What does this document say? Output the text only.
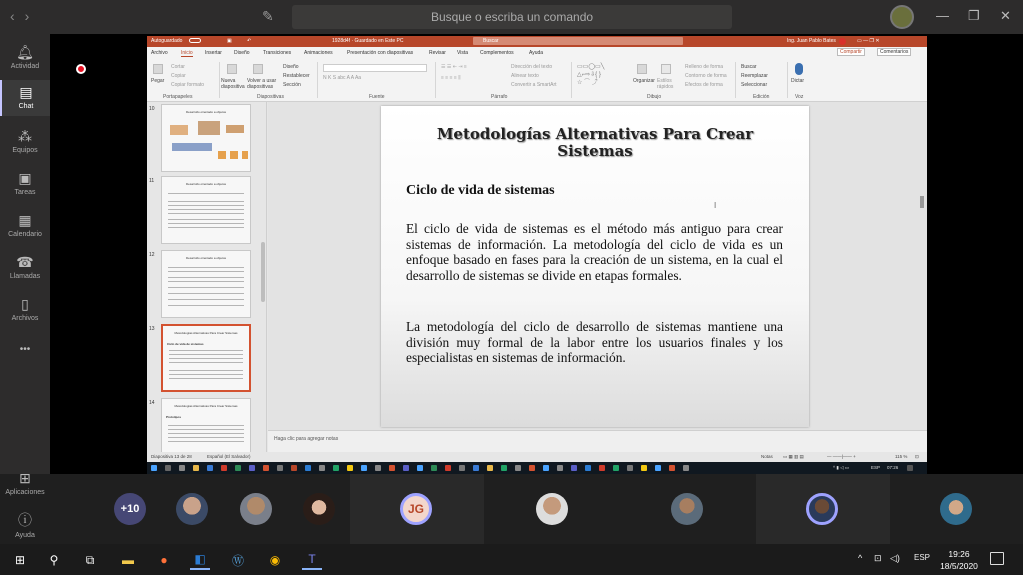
‹›	✎	Busque o escriba un comando	— ❐ ✕
🔔︎
Actividad
▤
Chat
⁂
Equipos
▣
Tareas
▦
Calendario
☎
Llamadas
▯
Archivos
•••
Autoguardado	▣	↶	1928d4f · Guardado en Este PC	Buscar	Ing. Juan Pablo Bates	▭ — ❐ ✕
Archivo	Inicio Insertar Diseño	Transiciones	Animaciones	Presentación con diapositivas	Revisar Vista Complementos	Ayuda	Compartir	Comentarios
Pegar
Cortar
Copiar
Copiar formato
Portapapeles
Nueva diapositiva
Volver a usar diapositivas
Diseño
Restablecer
Sección
Diapositivas
N K S abc A A Aa
Fuente
☰ ☰ ⇤ ⇥ ≡
≡ ≡ ≡ ≡ ⫼
Dirección del texto
Alinear texto
Convertir a SmartArt
Párrafo
▭▭◯▭╲
△⌐⇨⇩{ }
☆ ⌒ ⤴	Organizar Estilos rápidos
Relleno de forma
Contorno de forma
Efectos de forma
Dibujo
Buscar
Reemplazar
Seleccionar
Edición
Dictar
Voz
10	Desarrollo orientado a objetos
11	Desarrollo orientado a objetos
12	Desarrollo orientado a objetos
13
Metodologías Alternativas Para Crear Sistemas
Ciclo de vida de sistemas
14	Metodologías Alternativas Para Crear Sistemas
Prototipos
Metodologías Alternativas Para Crear Sistemas
Ciclo de vida de sistemas
I
El ciclo de vida de sistemas es el método más antiguo para crear sistemas de información. La metodología del ciclo de vida es un enfoque basado en fases para la creación de un sistema, en la cual el desarrollo de sistemas se divide en etapas formales.
La metodología del ciclo de desarrollo de sistemas mantiene una división muy formal de la labor entre los usuarios finales y los especialistas en sistemas de información.
Haga clic para agregar notas
Diapositiva 13 de 28	Español (El Salvador)	Notas ▭ ▦ ▥ ▤	— ——|—— +	115 % ⊡
^ ▮ ◁ ▭	ESP 07:26
⊞
Aplicaciones
ⓘ
Ayuda
+10	JG
⊞	⚲	⧉	▬	●	◧	Ⓦ	◉	T	^ ⊡ ◁) ESP	19:26
18/5/2020
